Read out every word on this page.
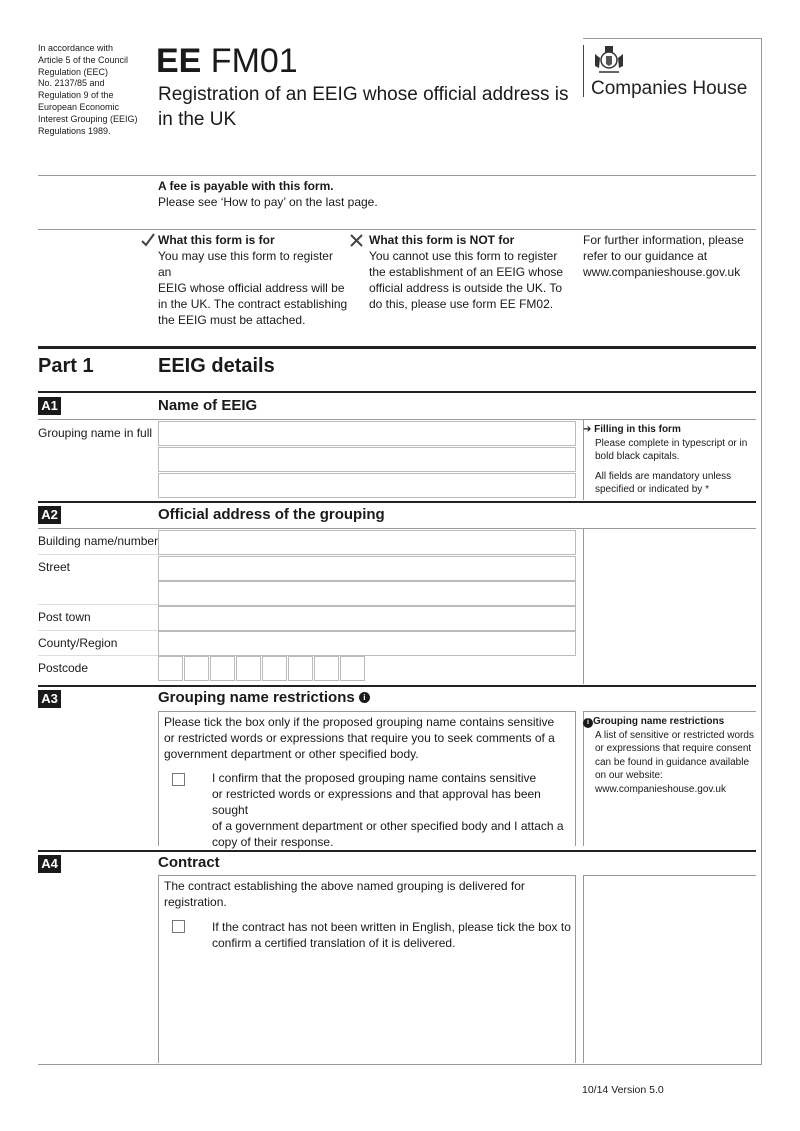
In accordance with
Article 5 of the Council
Regulation (EEC)
No. 2137/85 and
Regulation 9 of the
European Economic
Interest Grouping (EEIG)
Regulations 1989.
EE FM01
Registration of an EEIG whose official address is
in the UK
Companies House
A fee is payable with this form.
Please see ‘How to pay’ on the last page.
What this form is for
You may use this form to register an
EEIG whose official address will be
in the UK. The contract establishing
the EEIG must be attached.
What this form is NOT for
You cannot use this form to register
the establishment of an EEIG whose
official address is outside the UK. To
do this, please use form EE FM02.
For further information, please
refer to our guidance at
www.companieshouse.gov.uk
Part 1	EEIG details
A1	Name of EEIG
Grouping name in full	➔ Filling in this form
Please complete in typescript or in
bold black capitals.
All fields are mandatory unless
specified or indicated by *
A2	Official address of the grouping
Building name/number
Street
Post town
County/Region
Postcode
A3	Grouping name restrictions i
Please tick the box only if the proposed grouping name contains sensitive
or restricted words or expressions that require you to seek comments of a
government department or other specified body.
I confirm that the proposed grouping name contains sensitive
or restricted words or expressions and that approval has been sought
of a government department or other specified body and I attach a
copy of their response.
i Grouping name restrictions
A list of sensitive or restricted words
or expressions that require consent
can be found in guidance available
on our website:
www.companieshouse.gov.uk
A4	Contract
The contract establishing the above named grouping is delivered for
registration.
If the contract has not been written in English, please tick the box to
confirm a certified translation of it is delivered.
10/14 Version 5.0
